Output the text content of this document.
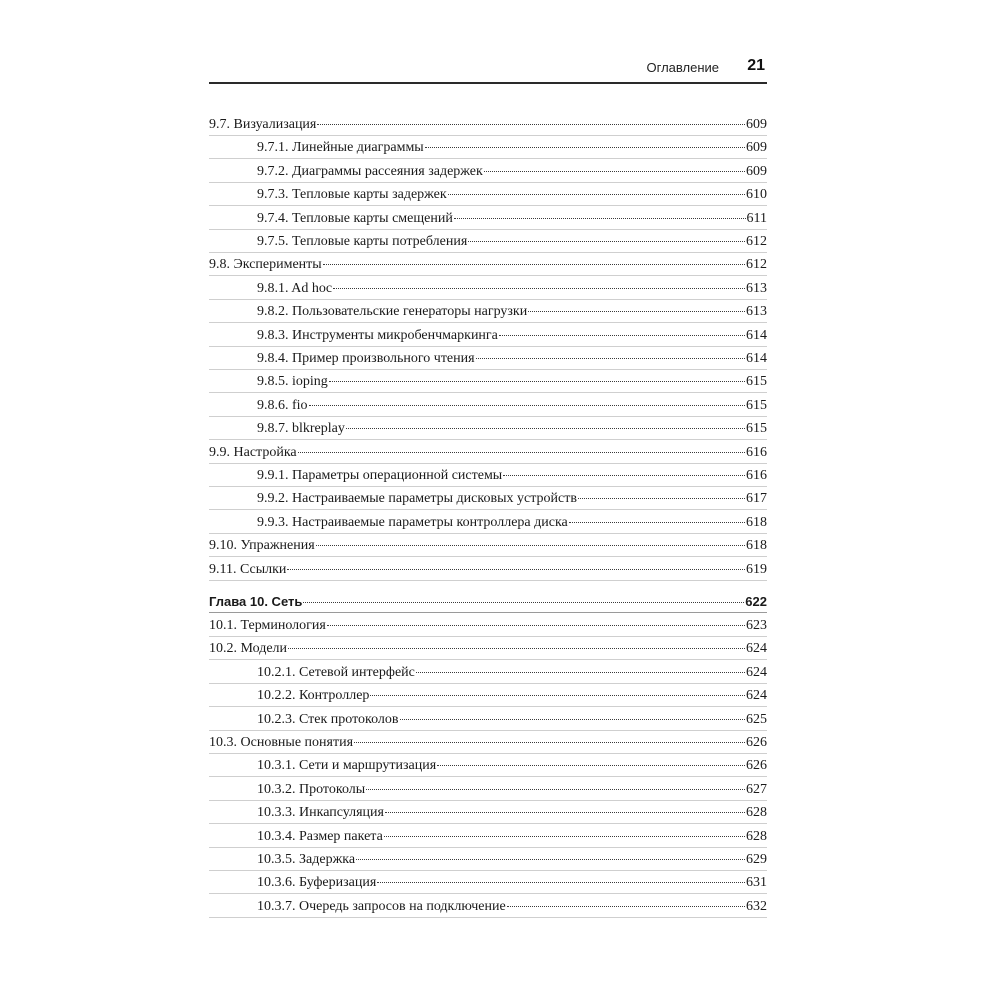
Оглавление 21
9.7. Визуализация	609
9.7.1. Линейные диаграммы	609
9.7.2. Диаграммы рассеяния задержек	609
9.7.3. Тепловые карты задержек	610
9.7.4. Тепловые карты смещений	611
9.7.5. Тепловые карты потребления	612
9.8. Эксперименты	612
9.8.1. Ad hoc	613
9.8.2. Пользовательские генераторы нагрузки	613
9.8.3. Инструменты микробенчмаркинга	614
9.8.4. Пример произвольного чтения	614
9.8.5. ioping	615
9.8.6. fio	615
9.8.7. blkreplay	615
9.9. Настройка	616
9.9.1. Параметры операционной системы	616
9.9.2. Настраиваемые параметры дисковых устройств	617
9.9.3. Настраиваемые параметры контроллера диска	618
9.10. Упражнения	618
9.11. Ссылки	619
Глава 10. Сеть	622
10.1. Терминология	623
10.2. Модели	624
10.2.1. Сетевой интерфейс	624
10.2.2. Контроллер	624
10.2.3. Стек протоколов	625
10.3. Основные понятия	626
10.3.1. Сети и маршрутизация	626
10.3.2. Протоколы	627
10.3.3. Инкапсуляция	628
10.3.4. Размер пакета	628
10.3.5. Задержка	629
10.3.6. Буферизация	631
10.3.7. Очередь запросов на подключение	632
